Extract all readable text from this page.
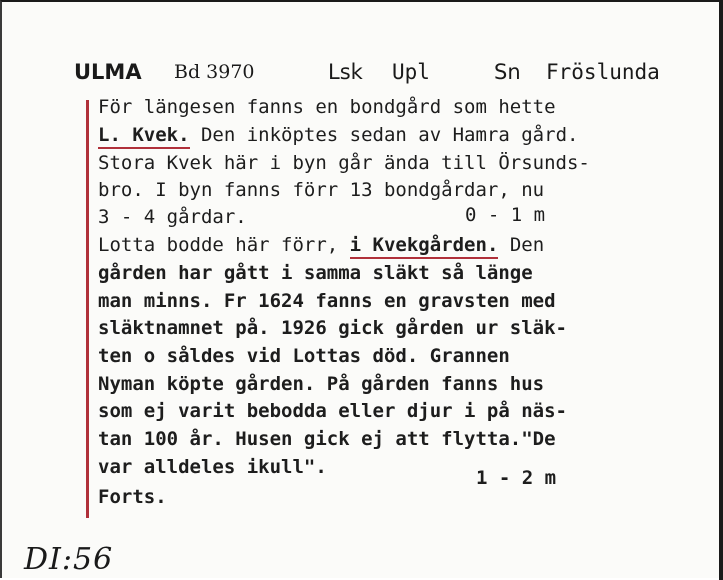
ULMA Bd 3970	Lsk Upl	Sn Fröslunda
För längesen fanns en bondgård som hette
L. Kvek. Den inköptes sedan av Hamra gård.
Stora Kvek här i byn går ända till Örsunds-
bro. I byn fanns förr 13 bondgårdar, nu
3 - 4 gårdar.
Lotta bodde här förr, i Kvekgården. Den
gården har gått i samma släkt så länge
man minns. Fr 1624 fanns en gravsten med
släktnamnet på. 1926 gick gården ur släk-
ten o såldes vid Lottas död. Grannen
Nyman köpte gården. På gården fanns hus
som ej varit bebodda eller djur i på näs-
tan 100 år. Husen gick ej att flytta."De
var alldeles ikull".
Forts.
0 - 1 m
1 - 2 m
DI:56
